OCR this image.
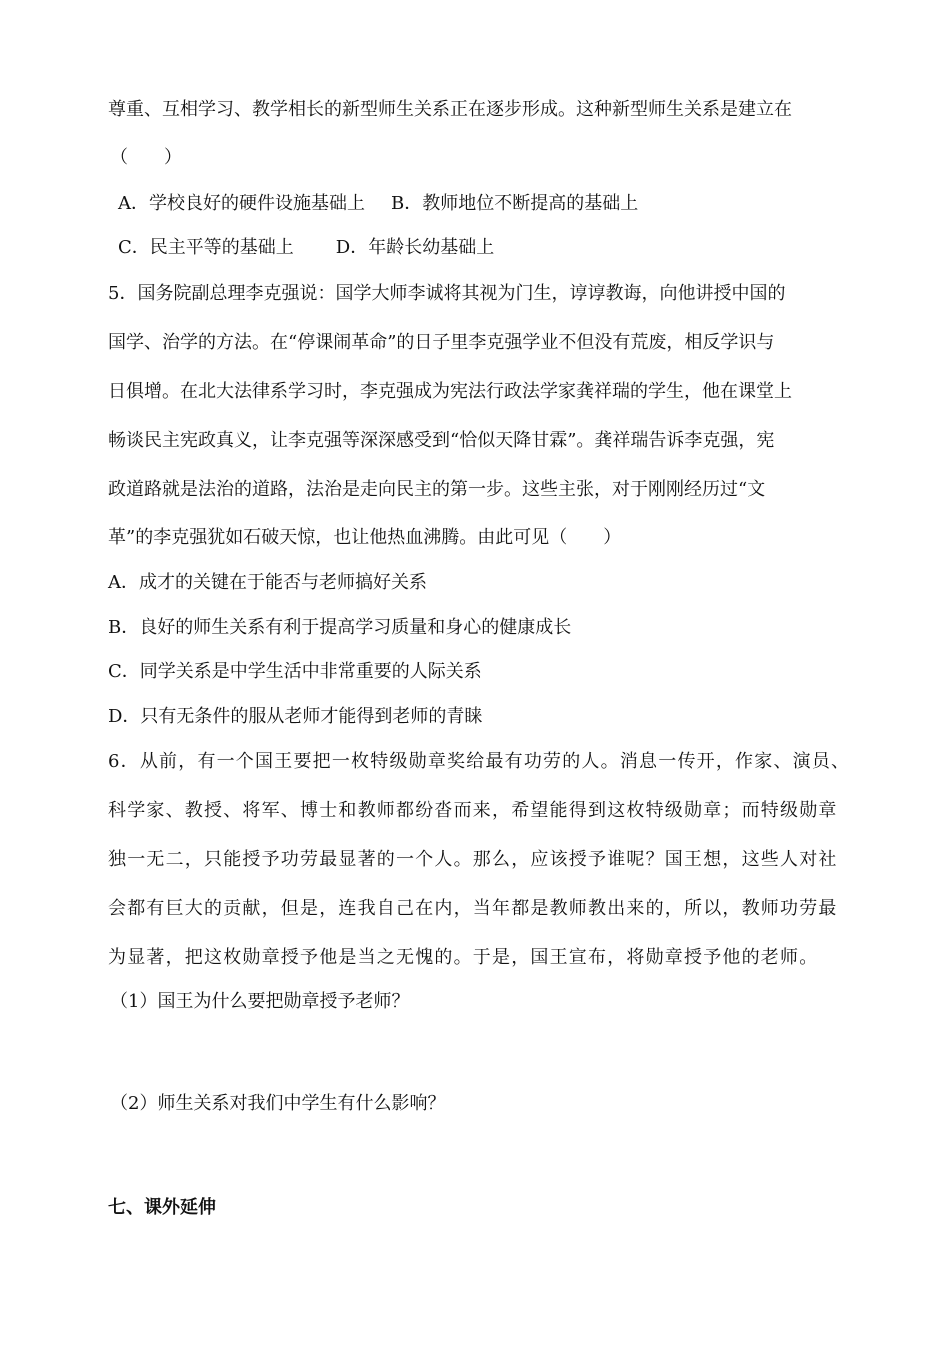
尊重、互相学习、教学相长的新型师生关系正在逐步形成。这种新型师生关系是建立在
（　　）
A．学校良好的硬件设施基础上 B．教师地位不断提高的基础上
C．民主平等的基础上 D．年龄长幼基础上
5．国务院副总理李克强说：国学大师李诚将其视为门生，谆谆教诲，向他讲授中国的
国学、治学的方法。在“停课闹革命”的日子里李克强学业不但没有荒废，相反学识与
日俱增。在北大法律系学习时，李克强成为宪法行政法学家龚祥瑞的学生，他在课堂上
畅谈民主宪政真义，让李克强等深深感受到“恰似天降甘霖”。龚祥瑞告诉李克强，宪
政道路就是法治的道路，法治是走向民主的第一步。这些主张，对于刚刚经历过“文
革”的李克强犹如石破天惊，也让他热血沸腾。由此可见（　　）
A．成才的关键在于能否与老师搞好关系
B．良好的师生关系有利于提高学习质量和身心的健康成长
C．同学关系是中学生活中非常重要的人际关系
D．只有无条件的服从老师才能得到老师的青睐
6．从前，有一个国王要把一枚特级勋章奖给最有功劳的人。消息一传开，作家、演员、
科学家、教授、将军、博士和教师都纷沓而来，希望能得到这枚特级勋章；而特级勋章
独一无二，只能授予功劳最显著的一个人。那么，应该授予谁呢？国王想，这些人对社
会都有巨大的贡献，但是，连我自己在内，当年都是教师教出来的，所以，教师功劳最
为显著，把这枚勋章授予他是当之无愧的。于是，国王宣布，将勋章授予他的老师。
（1）国王为什么要把勋章授予老师？
（2）师生关系对我们中学生有什么影响？
七、课外延伸
